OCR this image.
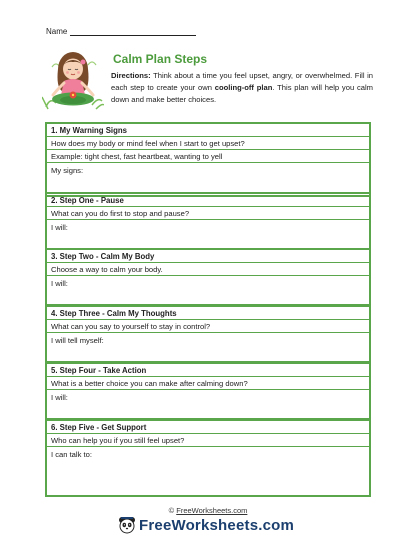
Name
Calm Plan Steps

Directions: Think about a time you feel upset, angry, or overwhelmed. Fill in each step to create your own cooling-off plan. This plan will help you calm down and make better choices.

1. My Warning Signs
How does my body or mind feel when I start to get upset?
Example: tight chest, fast heartbeat, wanting to yell
My signs:
2. Step One - Pause
What can you do first to stop and pause?
I will:
3. Step Two - Calm My Body
Choose a way to calm your body.
I will:
4. Step Three - Calm My Thoughts
What can you say to yourself to stay in control?
I will tell myself:
5. Step Four - Take Action
What is a better choice you can make after calming down?
I will:
6. Step Five - Get Support
Who can help you if you still feel upset?
I can talk to:
© FreeWorksheets.com
FreeWorksheets.com
